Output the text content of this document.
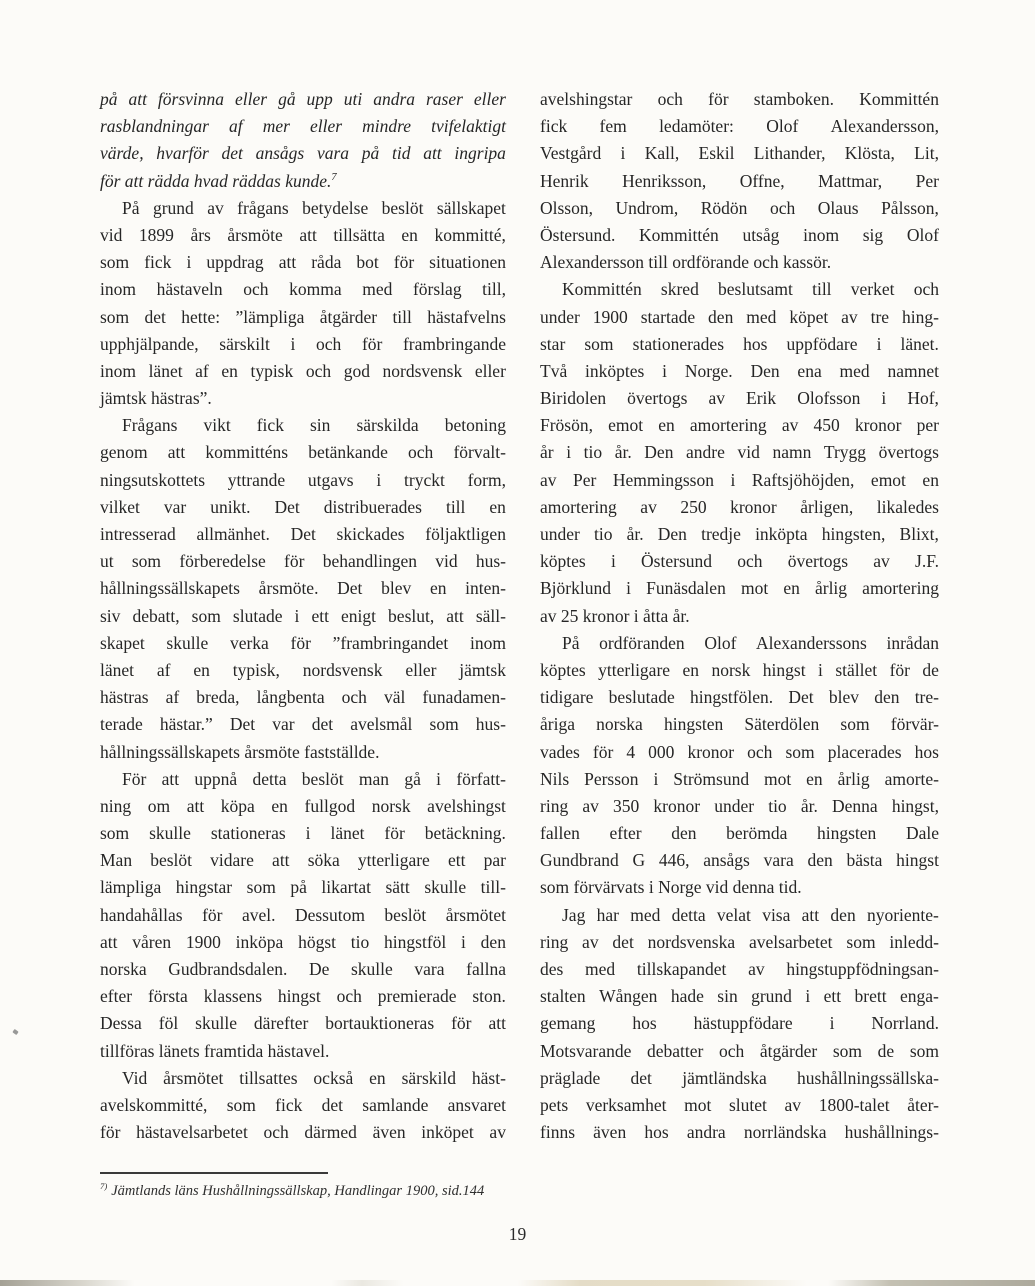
på att försvinna eller gå upp uti andra raser eller
rasblandningar af mer eller mindre tvifelaktigt
värde, hvarför det ansågs vara på tid att ingripa
för att rädda hvad räddas kunde.$^7$
På grund av frågans betydelse beslöt sällskapet
vid 1899 års årsmöte att tillsätta en kommitté,
som fick i uppdrag att råda bot för situationen
inom hästaveln och komma med förslag till,
som det hette: ”lämpliga åtgärder till hästafvelns
upphjälpande, särskilt i och för frambringande
inom länet af en typisk och god nordsvensk eller
jämtsk hästras”.
Frågans vikt fick sin särskilda betoning
genom att kommitténs betänkande och förvalt-
ningsutskottets yttrande utgavs i tryckt form,
vilket var unikt. Det distribuerades till en
intresserad allmänhet. Det skickades följaktligen
ut som förberedelse för behandlingen vid hus-
hållningssällskapets årsmöte. Det blev en inten-
siv debatt, som slutade i ett enigt beslut, att säll-
skapet skulle verka för ”frambringandet inom
länet af en typisk, nordsvensk eller jämtsk
hästras af breda, långbenta och väl funadamen-
terade hästar.” Det var det avelsmål som hus-
hållningssällskapets årsmöte fastställde.
För att uppnå detta beslöt man gå i författ-
ning om att köpa en fullgod norsk avelshingst
som skulle stationeras i länet för betäckning.
Man beslöt vidare att söka ytterligare ett par
lämpliga hingstar som på likartat sätt skulle till-
handahållas för avel. Dessutom beslöt årsmötet
att våren 1900 inköpa högst tio hingstföl i den
norska Gudbrandsdalen. De skulle vara fallna
efter första klassens hingst och premierade ston.
Dessa föl skulle därefter bortauktioneras för att
tillföras länets framtida hästavel.
Vid årsmötet tillsattes också en särskild häst-
avelskommitté, som fick det samlande ansvaret
för hästavelsarbetet och därmed även inköpet av
avelshingstar och för stamboken. Kommittén
fick fem ledamöter: Olof Alexandersson,
Vestgård i Kall, Eskil Lithander, Klösta, Lit,
Henrik Henriksson, Offne, Mattmar, Per
Olsson, Undrom, Rödön och Olaus Pålsson,
Östersund. Kommittén utsåg inom sig Olof
Alexandersson till ordförande och kassör.
Kommittén skred beslutsamt till verket och
under 1900 startade den med köpet av tre hing-
star som stationerades hos uppfödare i länet.
Två inköptes i Norge. Den ena med namnet
Biridolen övertogs av Erik Olofsson i Hof,
Frösön, emot en amortering av 450 kronor per
år i tio år. Den andre vid namn Trygg övertogs
av Per Hemmingsson i Raftsjöhöjden, emot en
amortering av 250 kronor årligen, likaledes
under tio år. Den tredje inköpta hingsten, Blixt,
köptes i Östersund och övertogs av J.F.
Björklund i Funäsdalen mot en årlig amortering
av 25 kronor i åtta år.
På ordföranden Olof Alexanderssons inrådan
köptes ytterligare en norsk hingst i stället för de
tidigare beslutade hingstfölen. Det blev den tre-
åriga norska hingsten Säterdölen som förvär-
vades för 4 000 kronor och som placerades hos
Nils Persson i Strömsund mot en årlig amorte-
ring av 350 kronor under tio år. Denna hingst,
fallen efter den berömda hingsten Dale
Gundbrand G 446, ansågs vara den bästa hingst
som förvärvats i Norge vid denna tid.
Jag har med detta velat visa att den nyoriente-
ring av det nordsvenska avelsarbetet som inledd-
des med tillskapandet av hingstuppfödningsan-
stalten Wången hade sin grund i ett brett enga-
gemang hos hästuppfödare i Norrland.
Motsvarande debatter och åtgärder som de som
präglade det jämtländska hushållningssällska-
pets verksamhet mot slutet av 1800-talet åter-
finns även hos andra norrländska hushållnings-
$^{7)}$ Jämtlands läns Hushållningssällskap, Handlingar 1900, sid.144
19
